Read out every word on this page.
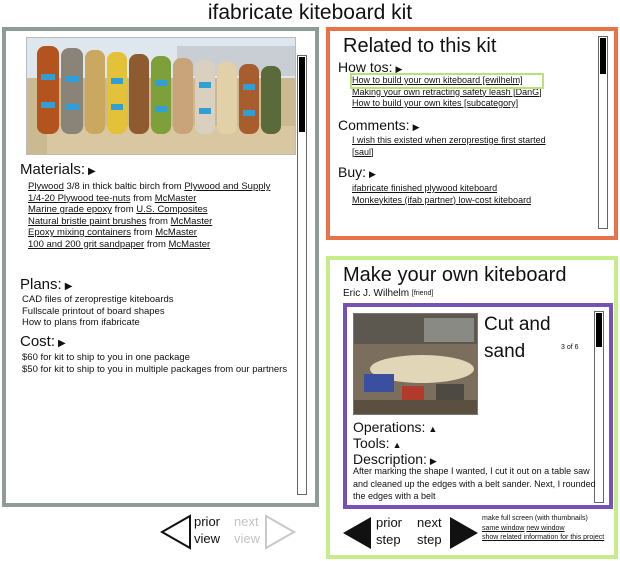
ifabricate kiteboard kit
Materials: ▶
Plywood 3/8 in thick baltic birch from Plywood and Supply
1/4-20 Plywood tee-nuts from McMaster
Marine grade epoxy from U.S. Composites
Natural bristle paint brushes from McMaster
Epoxy mixing containers from McMaster
100 and 200 grit sandpaper from McMaster
Plans: ▶
CAD files of zeroprestige kiteboards
Fullscale printout of board shapes
How to plans from ifabricate
Cost: ▶
$60 for kit to ship to you in one package
$50 for kit to ship to you in multiple packages from our partners
prior
view
next
view
Related to this kit
How tos: ▶
How to build your own kiteboard [ewilhelm]
Making your own retracting safety leash [DanG]
How to build your own kites [subcategory]
Comments: ▶
I wish this existed when zeroprestige first started
[saul]
Buy: ▶
ifabricate finished plywood kiteboard
Monkeykites (ifab partner) low-cost kiteboard
Make your own kiteboard
Eric J. Wilhelm [friend]
Cut and sand	3 of 6
Operations: ▲
Tools: ▲
Description: ▶
After marking the shape I wanted, I cut it out on a table saw and cleaned up the edges with a belt sander. Next, I rounded the edges with a belt
prior
step
next
step
make full screen (with thumbnails)
same window new window
show related information for this project
